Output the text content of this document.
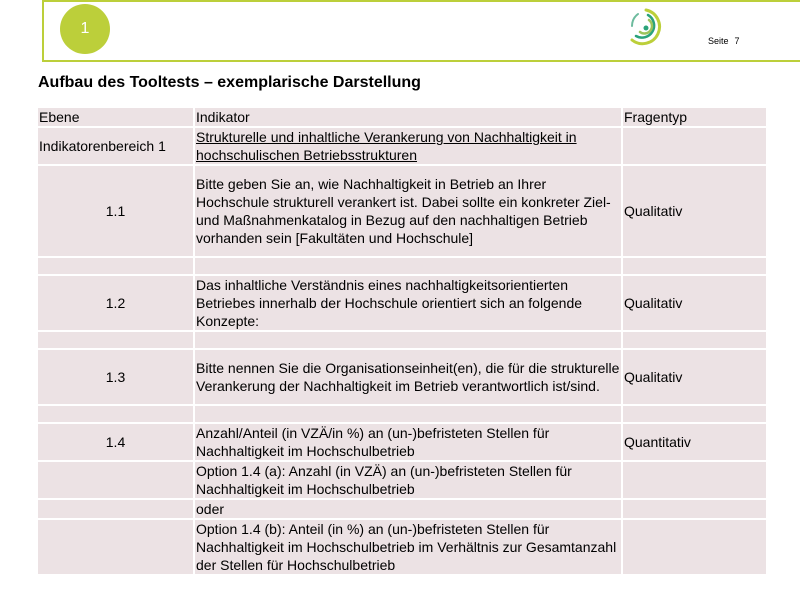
1
Seite 7
Aufbau des Tooltests – exemplarische Darstellung
Ebene	Indikator	Fragentyp
Indikatorenbereich 1	Strukturelle und inhaltliche Verankerung von Nachhaltigkeit in hochschulischen Betriebsstrukturen	
1.1	Bitte geben Sie an, wie Nachhaltigkeit in Betrieb an Ihrer Hochschule strukturell verankert ist. Dabei sollte ein konkreter Ziel- und Maßnahmenkatalog in Bezug auf den nachhaltigen Betrieb vorhanden sein [Fakultäten und Hochschule]	Qualitativ

1.2	Das inhaltliche Verständnis eines nachhaltigkeitsorientierten Betriebes innerhalb der Hochschule orientiert sich an folgende Konzepte:	Qualitativ

1.3	Bitte nennen Sie die Organisationseinheit(en), die für die strukturelle Verankerung der Nachhaltigkeit im Betrieb verantwortlich ist/sind.	Qualitativ

1.4	Anzahl/Anteil (in VZÄ/in %) an (un-)befristeten Stellen für Nachhaltigkeit im Hochschulbetrieb	Quantitativ
	Option 1.4 (a): Anzahl (in VZÄ) an (un-)befristeten Stellen für Nachhaltigkeit im Hochschulbetrieb	
	oder	
	Option 1.4 (b): Anteil (in %) an (un-)befristeten Stellen für Nachhaltigkeit im Hochschulbetrieb im Verhältnis zur Gesamtanzahl der Stellen für Hochschulbetrieb	
